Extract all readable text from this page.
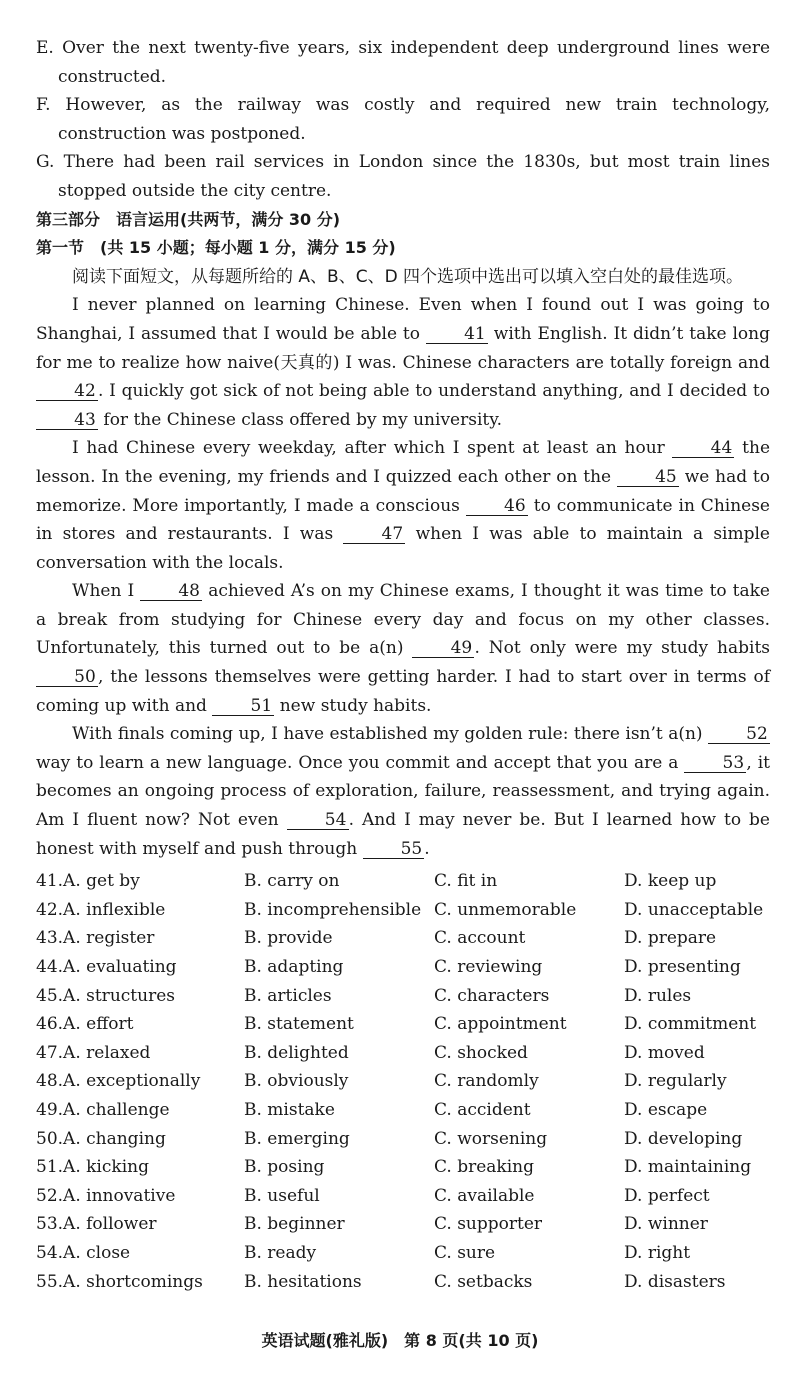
E. Over the next twenty-five years, six independent deep underground lines were constructed.

F. However, as the railway was costly and required new train technology, construction was postponed.

G. There had been rail services in London since the 1830s, but most train lines stopped outside the city centre.

第三部分　语言运用(共两节，满分 30 分)

第一节　(共 15 小题；每小题 1 分，满分 15 分)

阅读下面短文，从每题所给的 A、B、C、D 四个选项中选出可以填入空白处的最佳选项。

I never planned on learning Chinese. Even when I found out I was going to Shanghai, I assumed that I would be able to 41 with English. It didn’t take long for me to realize how naive(天真的) I was. Chinese characters are totally foreign and 42 . I quickly got sick of not being able to understand anything, and I decided to 43 for the Chinese class offered by my university.

I had Chinese every weekday, after which I spent at least an hour 44 the lesson. In the evening, my friends and I quizzed each other on the 45 we had to memorize. More importantly, I made a conscious 46 to communicate in Chinese in stores and restaurants. I was 47 when I was able to maintain a simple conversation with the locals.

When I 48 achieved A’s on my Chinese exams, I thought it was time to take a break from studying for Chinese every day and focus on my other classes. Unfortunately, this turned out to be a(n) 49 . Not only were my study habits 50 , the lessons themselves were getting harder. I had to start over in terms of coming up with and 51 new study habits.

With finals coming up, I have established my golden rule: there isn’t a(n) 52 way to learn a new language. Once you commit and accept that you are a 53 , it becomes an ongoing process of exploration, failure, reassessment, and trying again. Am I fluent now? Not even 54 . And I may never be. But I learned how to be honest with myself and push through 55 .

41.A. get by	B. carry on	C. fit in	D. keep up
42.A. inflexible	B. incomprehensible C. unmemorable	D. unacceptable
43.A. register	B. provide	C. account	D. prepare
44.A. evaluating	B. adapting	C. reviewing	D. presenting
45.A. structures	B. articles	C. characters	D. rules
46.A. effort	B. statement	C. appointment	D. commitment
47.A. relaxed	B. delighted	C. shocked	D. moved
48.A. exceptionally	B. obviously	C. randomly	D. regularly
49.A. challenge	B. mistake	C. accident	D. escape
50.A. changing	B. emerging	C. worsening	D. developing
51.A. kicking	B. posing	C. breaking	D. maintaining
52.A. innovative	B. useful	C. available	D. perfect
53.A. follower	B. beginner	C. supporter	D. winner
54.A. close	B. ready	C. sure	D. right
55.A. shortcomings	B. hesitations	C. setbacks	D. disasters
英语试题(雅礼版)　第 8 页(共 10 页)
